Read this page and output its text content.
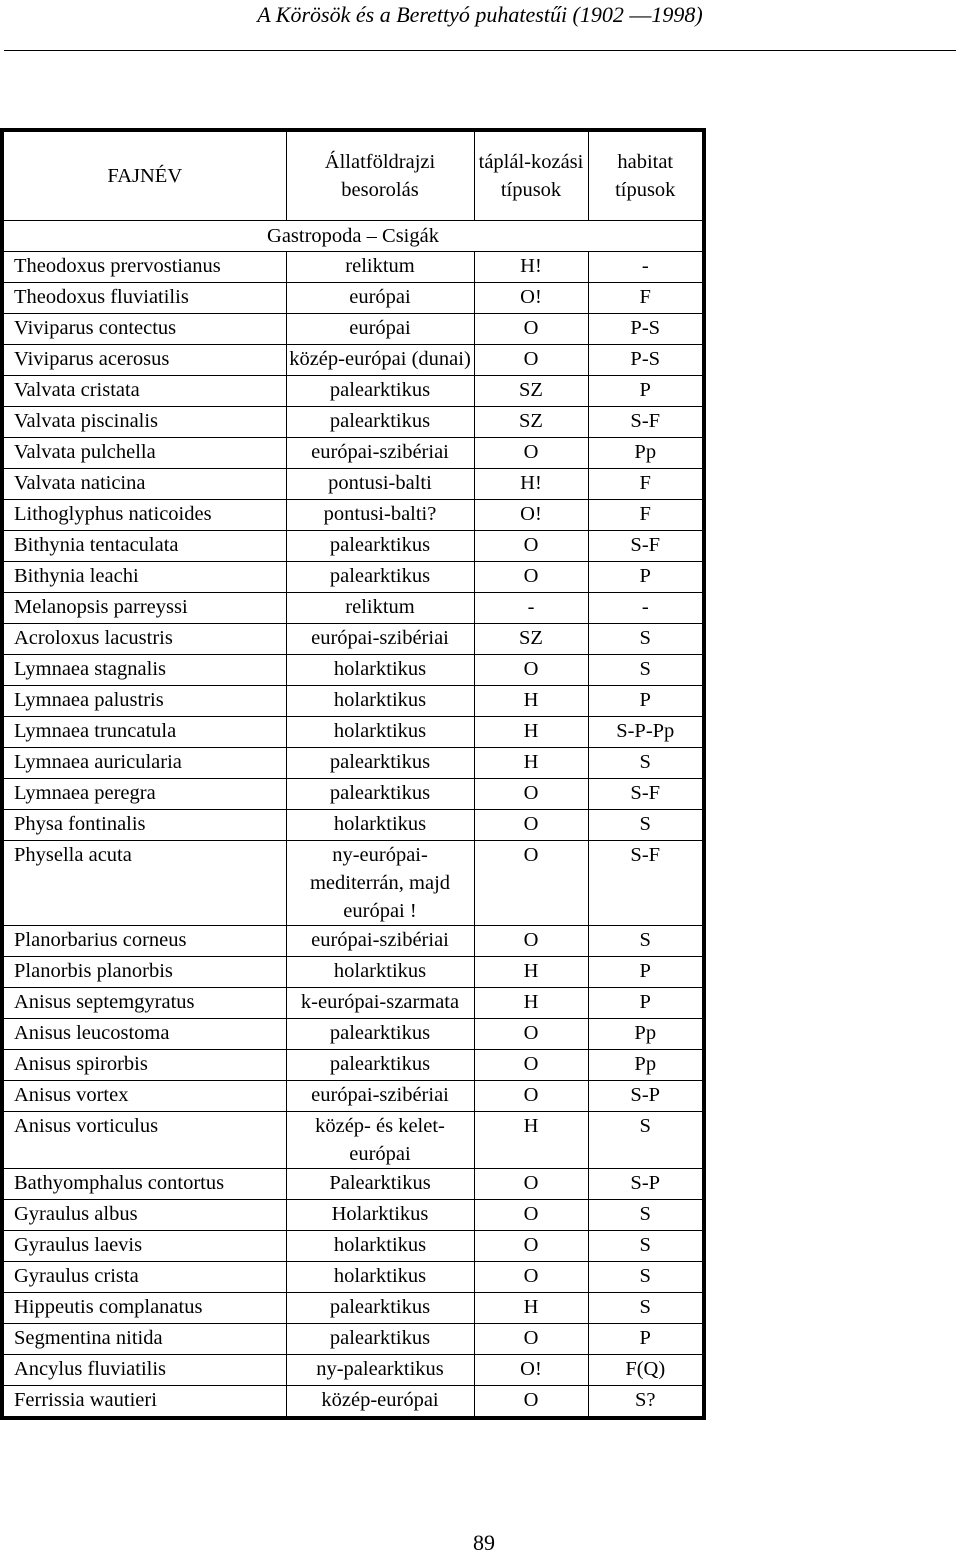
A Körösök és a Berettyó puhatestűi (1902 ––1998)
FAJNÉV	Állatföldrajzi besorolás	táplál-kozási típusok	habitat típusok
Gastropoda – Csigák			
Theodoxus prervostianus	reliktum	H!	-
Theodoxus fluviatilis	európai	O!	F
Viviparus contectus	európai	O	P-S
Viviparus acerosus	közép-európai (dunai)	O	P-S
Valvata cristata	palearktikus	SZ	P
Valvata piscinalis	palearktikus	SZ	S-F
Valvata pulchella	európai-szibériai	O	Pp
Valvata naticina	pontusi-balti	H!	F
Lithoglyphus naticoides	pontusi-balti?	O!	F
Bithynia tentaculata	palearktikus	O	S-F
Bithynia leachi	palearktikus	O	P
Melanopsis parreyssi	reliktum	-	-
Acroloxus lacustris	európai-szibériai	SZ	S
Lymnaea stagnalis	holarktikus	O	S
Lymnaea palustris	holarktikus	H	P
Lymnaea truncatula	holarktikus	H	S-P-Pp
Lymnaea auricularia	palearktikus	H	S
Lymnaea peregra	palearktikus	O	S-F
Physa fontinalis	holarktikus	O	S
Physella acuta	ny-európai-mediterrán, majd európai !	O	S-F
Planorbarius corneus	európai-szibériai	O	S
Planorbis planorbis	holarktikus	H	P
Anisus septemgyratus	k-európai-szarmata	H	P
Anisus leucostoma	palearktikus	O	Pp
Anisus spirorbis	palearktikus	O	Pp
Anisus vortex	európai-szibériai	O	S-P
Anisus vorticulus	közép- és kelet-európai	H	S
Bathyomphalus contortus	Palearktikus	O	S-P
Gyraulus albus	Holarktikus	O	S
Gyraulus laevis	holarktikus	O	S
Gyraulus crista	holarktikus	O	S
Hippeutis complanatus	palearktikus	H	S
Segmentina nitida	palearktikus	O	P
Ancylus fluviatilis	ny-palearktikus	O!	F(Q)
Ferrissia wautieri	közép-európai	O	S?
89
